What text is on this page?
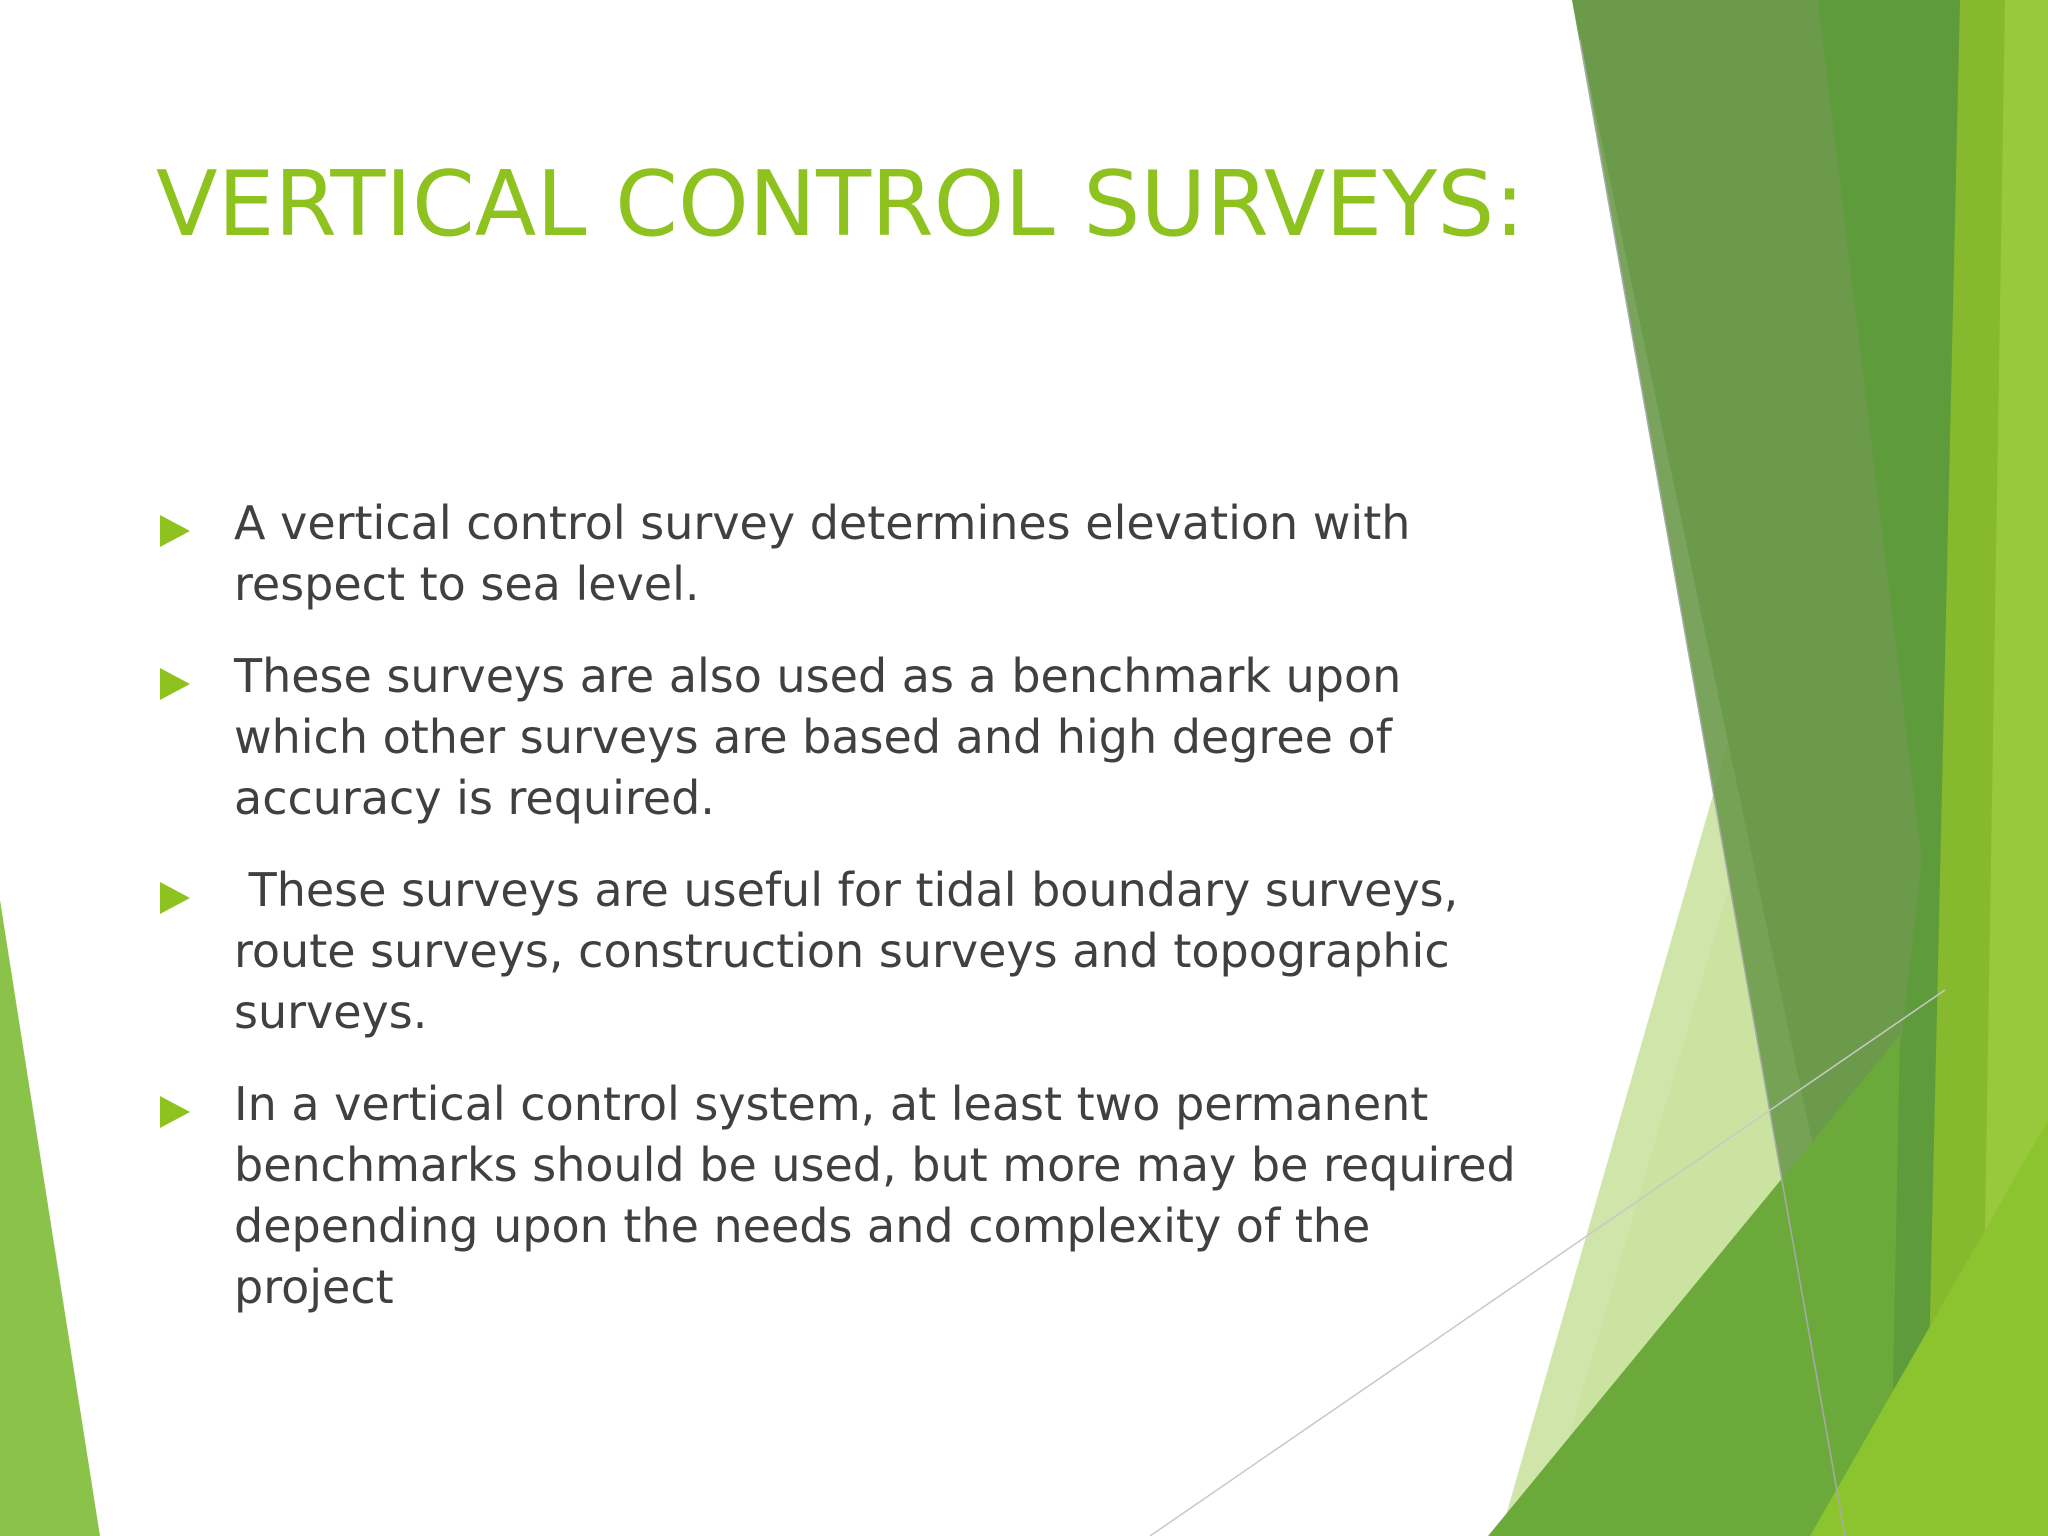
VERTICAL CONTROL SURVEYS:
A vertical control survey determines elevation with respect to sea level.
These surveys are also used as a benchmark upon which other surveys are based and high degree of accuracy is required.
These surveys are useful for tidal boundary surveys, route surveys, construction surveys and topographic surveys.
In a vertical control system, at least two permanent benchmarks should be used, but more may be required depending upon the needs and complexity of the project
